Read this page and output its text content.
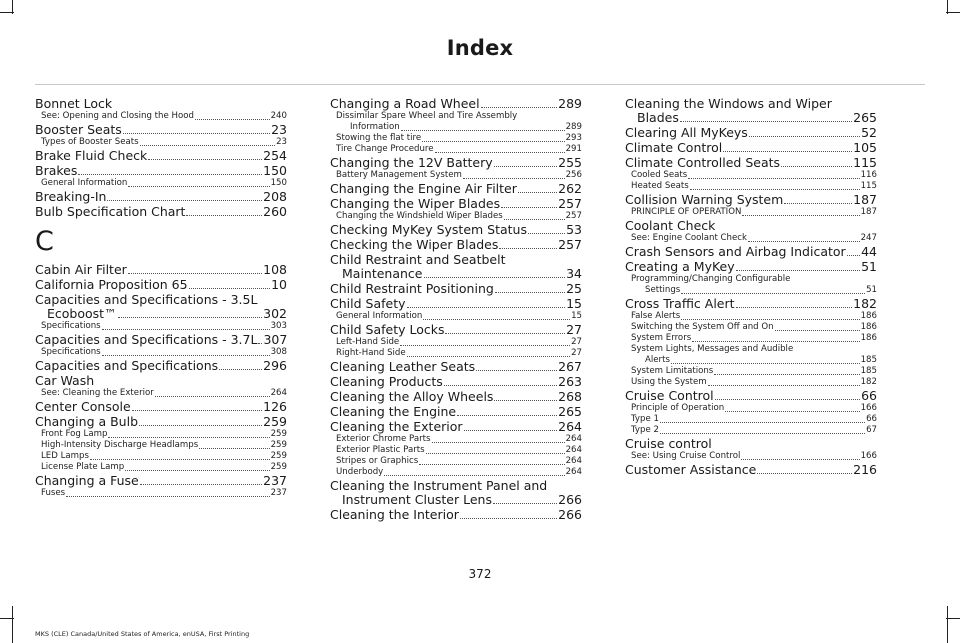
Index
Bonnet Lock
See: Opening and Closing the Hood	240
Booster Seats	23
Types of Booster Seats	23
Brake Fluid Check	254
Brakes	150
General Information	150
Breaking-In	208
Bulb Specification Chart	260
C
Cabin Air Filter	108
California Proposition 65	10
Capacities and Specifications - 3.5L
Ecoboost™	302
Specifications	303
Capacities and Specifications - 3.7L 307
Specifications	308
Capacities and Specifications	296
Car Wash
See: Cleaning the Exterior	264
Center Console	126
Changing a Bulb	259
Front Fog Lamp	259
High-Intensity Discharge Headlamps	259
LED Lamps	259
License Plate Lamp	259
Changing a Fuse	237
Fuses	237
Changing a Road Wheel	289
Dissimilar Spare Wheel and Tire Assembly
Information	289
Stowing the flat tire	293
Tire Change Procedure	291
Changing the 12V Battery	255
Battery Management System	256
Changing the Engine Air Filter	262
Changing the Wiper Blades	257
Changing the Windshield Wiper Blades	257
Checking MyKey System Status	53
Checking the Wiper Blades	257
Child Restraint and Seatbelt
Maintenance	34
Child Restraint Positioning	25
Child Safety	15
General Information	15
Child Safety Locks	27
Left-Hand Side	27
Right-Hand Side	27
Cleaning Leather Seats	267
Cleaning Products	263
Cleaning the Alloy Wheels	268
Cleaning the Engine	265
Cleaning the Exterior	264
Exterior Chrome Parts	264
Exterior Plastic Parts	264
Stripes or Graphics	264
Underbody	264
Cleaning the Instrument Panel and
Instrument Cluster Lens	266
Cleaning the Interior	266
Cleaning the Windows and Wiper
Blades	265
Clearing All MyKeys	52
Climate Control	105
Climate Controlled Seats	115
Cooled Seats	116
Heated Seats	115
Collision Warning System	187
PRINCIPLE OF OPERATION	187
Coolant Check
See: Engine Coolant Check	247
Crash Sensors and Airbag Indicator 44
Creating a MyKey	51
Programming/Changing Configurable
Settings	51
Cross Traffic Alert	182
False Alerts	186
Switching the System Off and On	186
System Errors	186
System Lights, Messages and Audible
Alerts	185
System Limitations	185
Using the System	182
Cruise Control	66
Principle of Operation	166
Type 1	66
Type 2	67
Cruise control
See: Using Cruise Control	166
Customer Assistance	216
372
MKS (CLE) Canada/United States of America, enUSA, First Printing
